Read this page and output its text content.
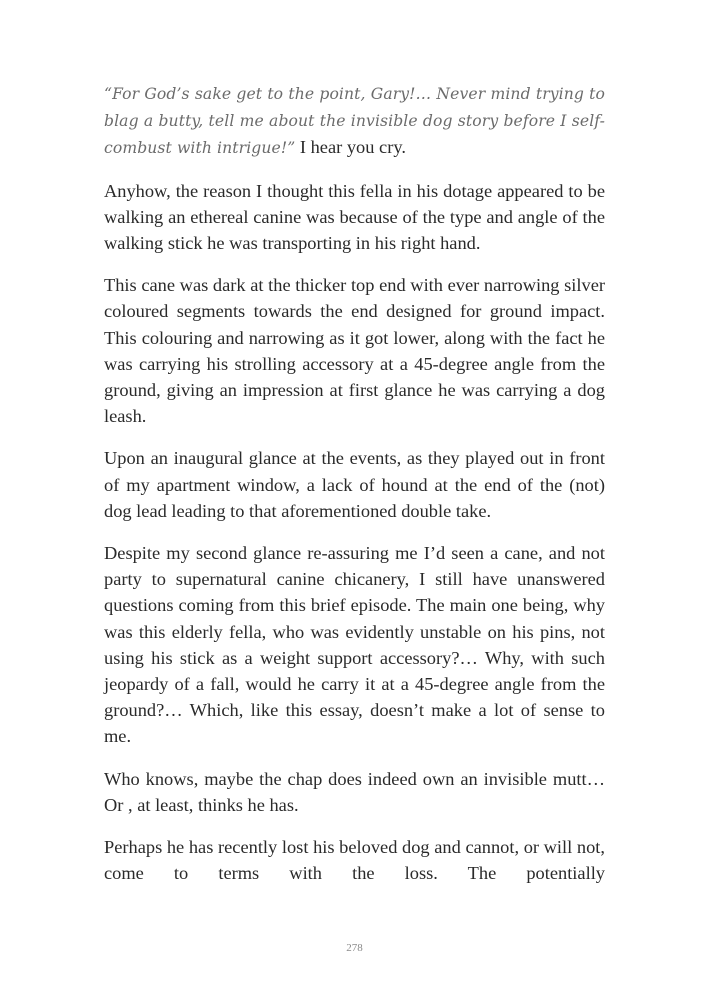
“For God’s sake get to the point, Gary!… Never mind trying to blag a butty, tell me about the invisible dog story before I self-combust with intrigue!” I hear you cry.

Anyhow, the reason I thought this fella in his dotage appeared to be walking an ethereal canine was because of the type and angle of the walking stick he was transporting in his right hand.

This cane was dark at the thicker top end with ever narrowing silver coloured segments towards the end designed for ground impact. This colouring and narrowing as it got lower, along with the fact he was carrying his strolling accessory at a 45-degree angle from the ground, giving an impression at first glance he was carrying a dog leash.

Upon an inaugural glance at the events, as they played out in front of my apartment window, a lack of hound at the end of the (not) dog lead leading to that aforementioned double take.

Despite my second glance re-assuring me I’d seen a cane, and not party to supernatural canine chicanery, I still have unanswered questions coming from this brief episode. The main one being, why was this elderly fella, who was evidently unstable on his pins, not using his stick as a weight support accessory?… Why, with such jeopardy of a fall, would he carry it at a 45-degree angle from the ground?… Which, like this essay, doesn’t make a lot of sense to me.

Who knows, maybe the chap does indeed own an invisible mutt… Or , at least, thinks he has.

Perhaps he has recently lost his beloved dog and cannot, or will not, come to terms with the loss. The potentially

278
